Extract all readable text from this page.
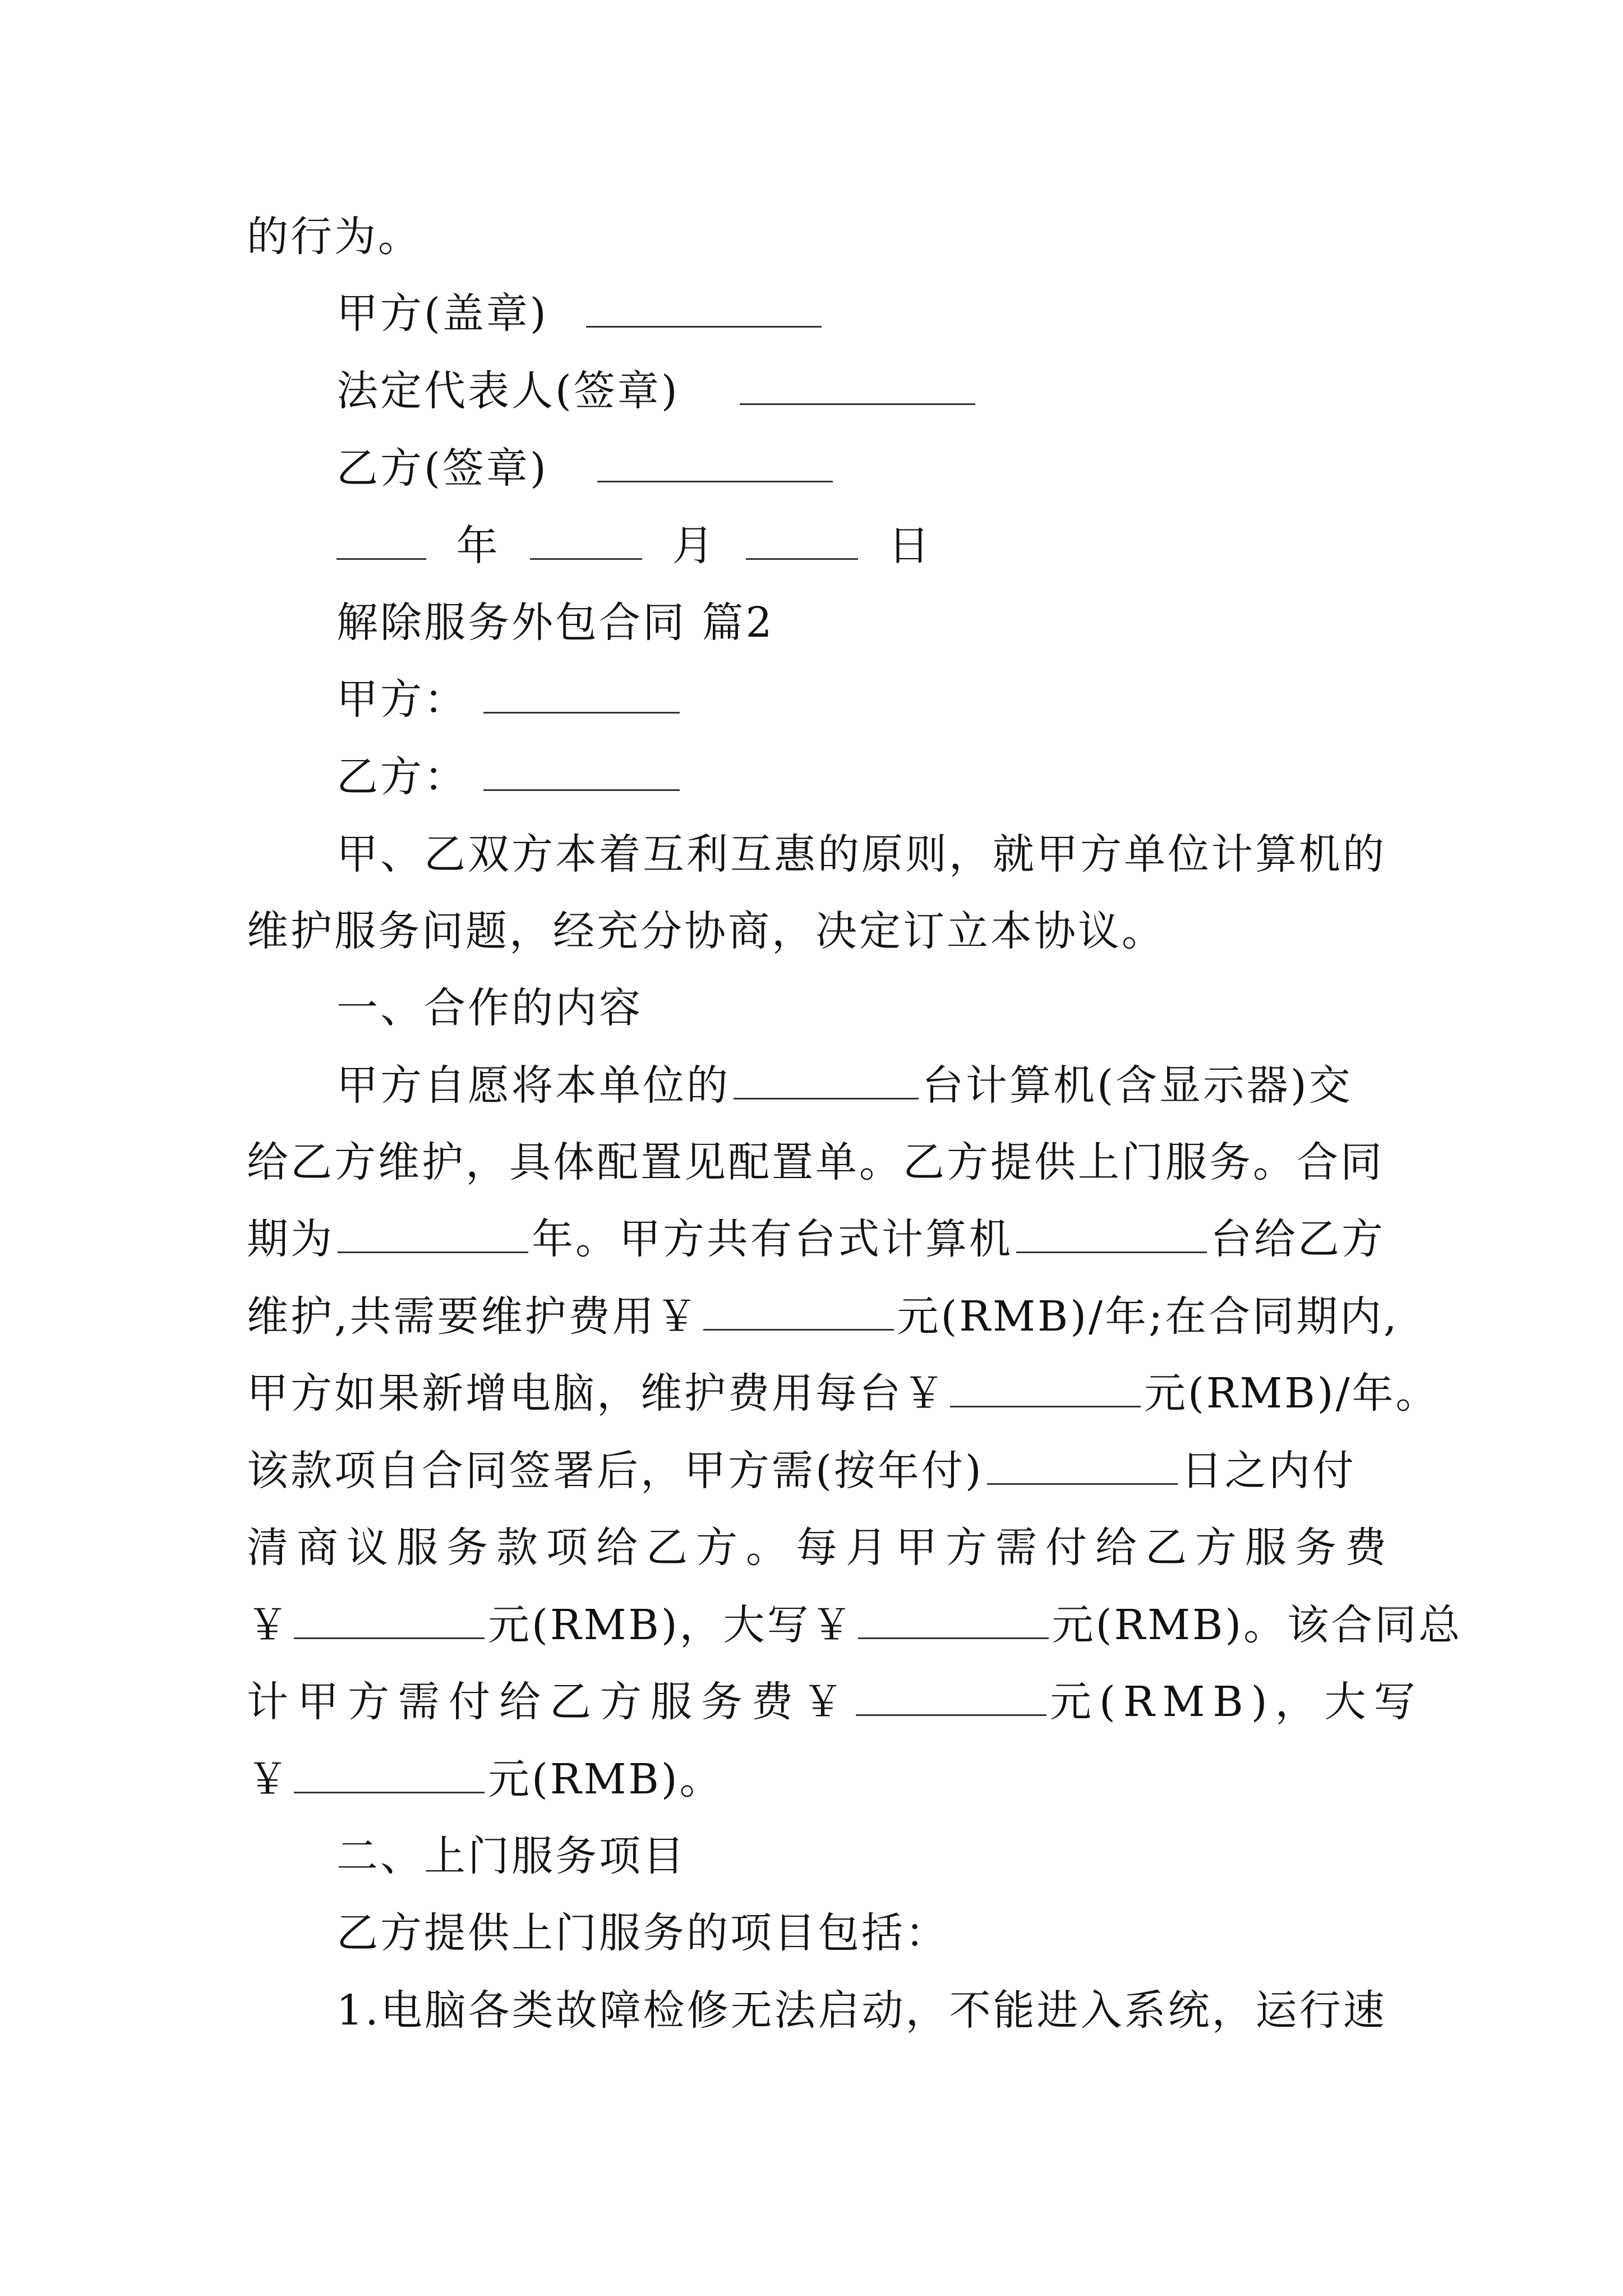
的行为。
甲方(盖章)
法定代表人(签章)
乙方(签章)
年	月	日
解除服务外包合同 篇2
甲方：
乙方：
甲、乙双方本着互利互惠的原则，就甲方单位计算机的
维护服务问题，经充分协商，决定订立本协议。
一、合作的内容
甲方自愿将本单位的	台计算机(含显示器)交
给乙方维护，具体配置见配置单。乙方提供上门服务。合同
期为	年。甲方共有台式计算机	台给乙方
维护,共需要维护费用￥	元(RMB)/年;在合同期内,
甲方如果新增电脑，维护费用每台￥	元(RMB)/年。
该款项自合同签署后，甲方需(按年付)	日之内付
清商议服务款项给乙方。每月甲方需付给乙方服务费
￥	元(RMB)，大写￥	元(RMB)。该合同总
计甲方需付给乙方服务费￥	元(RMB)，大写
￥	元(RMB)。
二、上门服务项目
乙方提供上门服务的项目包括：
1.电脑各类故障检修无法启动，不能进入系统，运行速
